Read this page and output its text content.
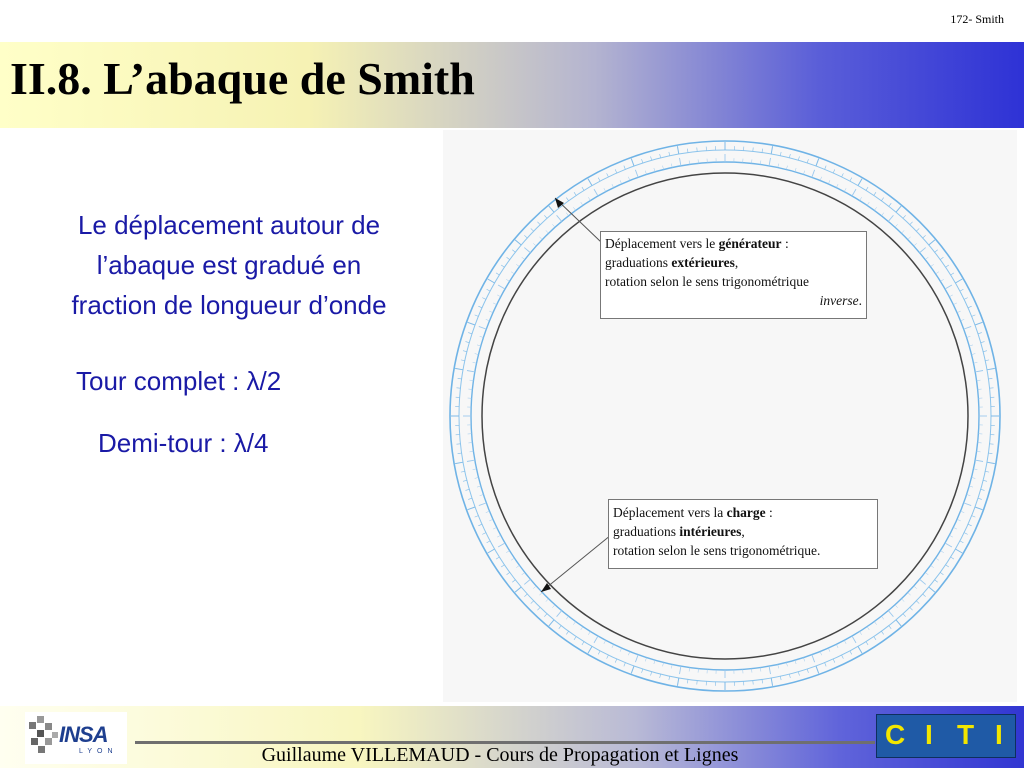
172- Smith
II.8. L’abaque de Smith
Le déplacement autour de
l’abaque est gradué en
fraction de longueur d’onde
Tour complet : λ/2
Demi-tour : λ/4
Déplacement vers le générateur :
graduations extérieures,
rotation selon le sens trigonométrique
inverse.
Déplacement vers la charge :
graduations intérieures,
rotation selon le sens trigonométrique.
Guillaume VILLEMAUD - Cours de Propagation et Lignes
INSA
LYON
C I T I
